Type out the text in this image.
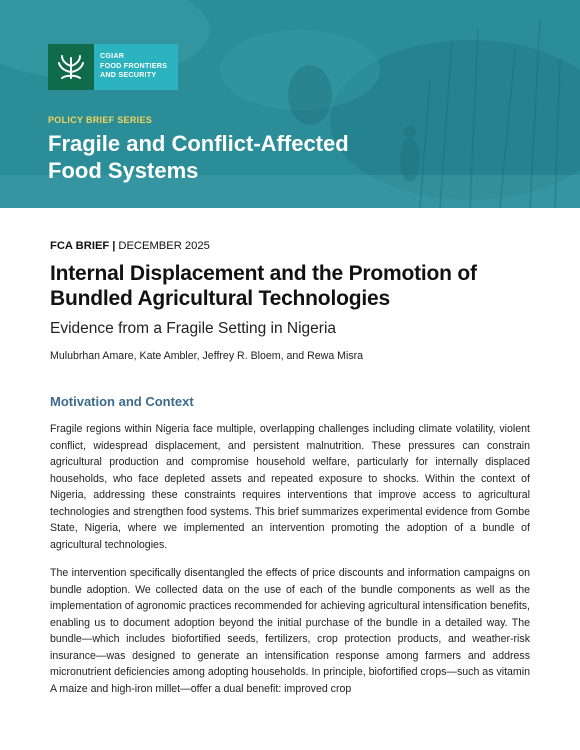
CGIAR
FOOD FRONTIERS
AND SECURITY
POLICY BRIEF SERIES
Fragile and Conflict-Affected
Food Systems
FCA BRIEF | DECEMBER 2025
Internal Displacement and the Promotion of Bundled Agricultural Technologies
Evidence from a Fragile Setting in Nigeria
Mulubrhan Amare, Kate Ambler, Jeffrey R. Bloem, and Rewa Misra
Motivation and Context

Fragile regions within Nigeria face multiple, overlapping challenges including climate volatility, violent conflict, widespread displacement, and persistent malnutrition. These pressures can constrain agricultural production and compromise household welfare, particularly for internally displaced households, who face depleted assets and repeated exposure to shocks. Within the context of Nigeria, addressing these constraints requires interventions that improve access to agricultural technologies and strengthen food systems. This brief summarizes experimental evidence from Gombe State, Nigeria, where we implemented an intervention promoting the adoption of a bundle of agricultural technologies.

The intervention specifically disentangled the effects of price discounts and information campaigns on bundle adoption. We collected data on the use of each of the bundle components as well as the implementation of agronomic practices recommended for achieving agricultural intensification benefits, enabling us to document adoption beyond the initial purchase of the bundle in a detailed way. The bundle—which includes biofortified seeds, fertilizers, crop protection products, and weather-risk insurance—was designed to generate an intensification response among farmers and address micronutrient deficiencies among adopting households. In principle, biofortified crops—such as vitamin A maize and high-iron millet—offer a dual benefit: improved crop
